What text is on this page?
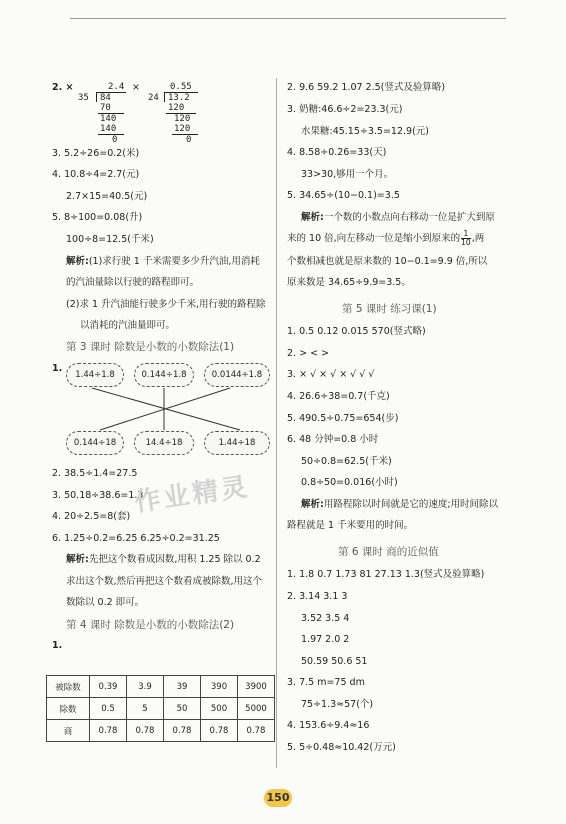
2. ×	×
2.4
35 84
70
140
140
0
0.55
24 13.2
120
120
120
0
3. 5.2÷26=0.2(米)
4. 10.8÷4=2.7(元)
2.7×15=40.5(元)
5. 8÷100=0.08(升)
100÷8=12.5(千米)
解析:(1)求行驶 1 千米需要多少升汽油,用消耗
的汽油量除以行驶的路程即可。
(2)求 1 升汽油能行驶多少千米,用行驶的路程除
以消耗的汽油量即可。
第 3 课时 除数是小数的小数除法(1)
1.
1.44÷1.8	0.144÷1.8	0.0144÷1.8
0.144÷18	14.4÷18	1.44÷18
2. 38.5÷1.4=27.5
3. 50.18÷38.6=1.3
4. 20÷2.5=8(套)
6. 1.25÷0.2=6.25 6.25÷0.2=31.25
解析:先把这个数看成因数,用积 1.25 除以 0.2
求出这个数,然后再把这个数看成被除数,用这个
数除以 0.2 即可。
第 4 课时 除数是小数的小数除法(2)
1.
被除数	0.39	3.9	39	390	3900
除数	0.5	5	50	500	5000
商	0.78	0.78	0.78	0.78	0.78
2. 9.6 59.2 1.07 2.5(竖式及验算略)
3. 奶糖:46.6÷2=23.3(元)
水果糖:45.15÷3.5=12.9(元)
4. 8.58÷0.26=33(天)
33>30,够用一个月。
5. 34.65÷(10−0.1)=3.5
解析:一个数的小数点向右移动一位是扩大到原
来的 10 倍,向左移动一位是缩小到原来的 $\frac{1}{10}$,两
个数相减也就是原来数的 10−0.1=9.9 倍,所以
原来数是 34.65÷9.9=3.5。
第 5 课时 练习课(1)
1. 0.5 0.12 0.015 570(竖式略)
2. > < >
3. × √ × √ × √ √ √
4. 26.6÷38=0.7(千克)
5. 490.5÷0.75=654(步)
6. 48 分钟=0.8 小时
50÷0.8=62.5(千米)
0.8÷50=0.016(小时)
解析:用路程除以时间就是它的速度;用时间除以
路程就是 1 千米要用的时间。
第 6 课时 商的近似值
1. 1.8 0.7 1.73 81 27.13 1.3(竖式及验算略)
2. 3.14 3.1 3
3.52 3.5 4
1.97 2.0 2
50.59 50.6 51
3. 7.5 m=75 dm
75÷1.3≈57(个)
4. 153.6÷9.4≈16
5. 5÷0.48≈10.42(万元)
作业精灵
150
